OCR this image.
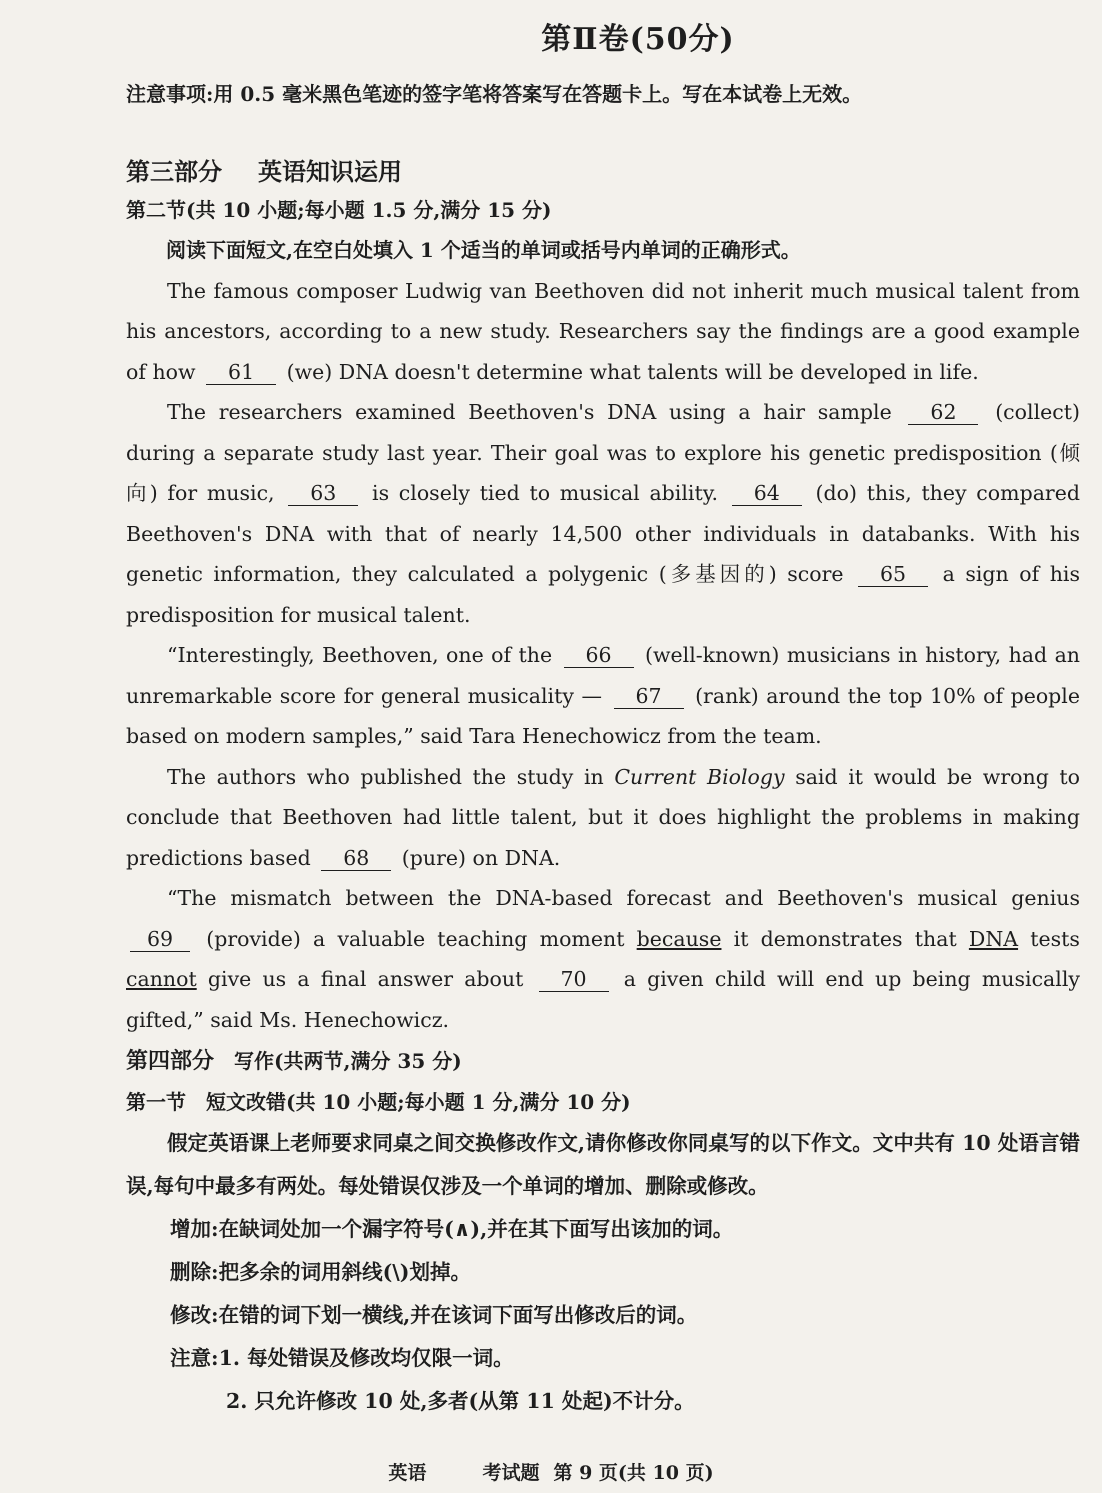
第Ⅱ卷(50分)
注意事项:用 0.5 毫米黑色笔迹的签字笔将答案写在答题卡上。写在本试卷上无效。
第三部分 英语知识运用
第二节(共 10 小题;每小题 1.5 分,满分 15 分)

阅读下面短文,在空白处填入 1 个适当的单词或括号内单词的正确形式。

The famous composer Ludwig van Beethoven did not inherit much musical talent from his ancestors, according to a new study. Researchers say the findings are a good example of how 61 (we) DNA doesn't determine what talents will be developed in life.

The researchers examined Beethoven's DNA using a hair sample 62 (collect) during a separate study last year. Their goal was to explore his genetic predisposition (倾向) for music, 63 is closely tied to musical ability. 64 (do) this, they compared Beethoven's DNA with that of nearly 14,500 other individuals in databanks. With his genetic information, they calculated a polygenic (多基因的) score 65 a sign of his predisposition for musical talent.

“Interestingly, Beethoven, one of the 66 (well-known) musicians in history, had an unremarkable score for general musicality — 67 (rank) around the top 10% of people based on modern samples,” said Tara Henechowicz from the team.

The authors who published the study in Current Biology said it would be wrong to conclude that Beethoven had little talent, but it does highlight the problems in making predictions based 68 (pure) on DNA.

“The mismatch between the DNA-based forecast and Beethoven's musical genius 69 (provide) a valuable teaching moment because it demonstrates that DNA tests cannot give us a final answer about 70 a given child will end up being musically gifted,” said Ms. Henechowicz.

第四部分 写作(共两节,满分 35 分)
第一节 短文改错(共 10 小题;每小题 1 分,满分 10 分)

假定英语课上老师要求同桌之间交换修改作文,请你修改你同桌写的以下作文。文中共有 10 处语言错误,每句中最多有两处。每处错误仅涉及一个单词的增加、删除或修改。

增加:在缺词处加一个漏字符号(∧),并在其下面写出该加的词。

删除:把多余的词用斜线(\)划掉。

修改:在错的词下划一横线,并在该词下面写出修改后的词。

注意:1. 每处错误及修改均仅限一词。

2. 只允许修改 10 处,多者(从第 11 处起)不计分。

英语	考试题 第 9 页(共 10 页)
